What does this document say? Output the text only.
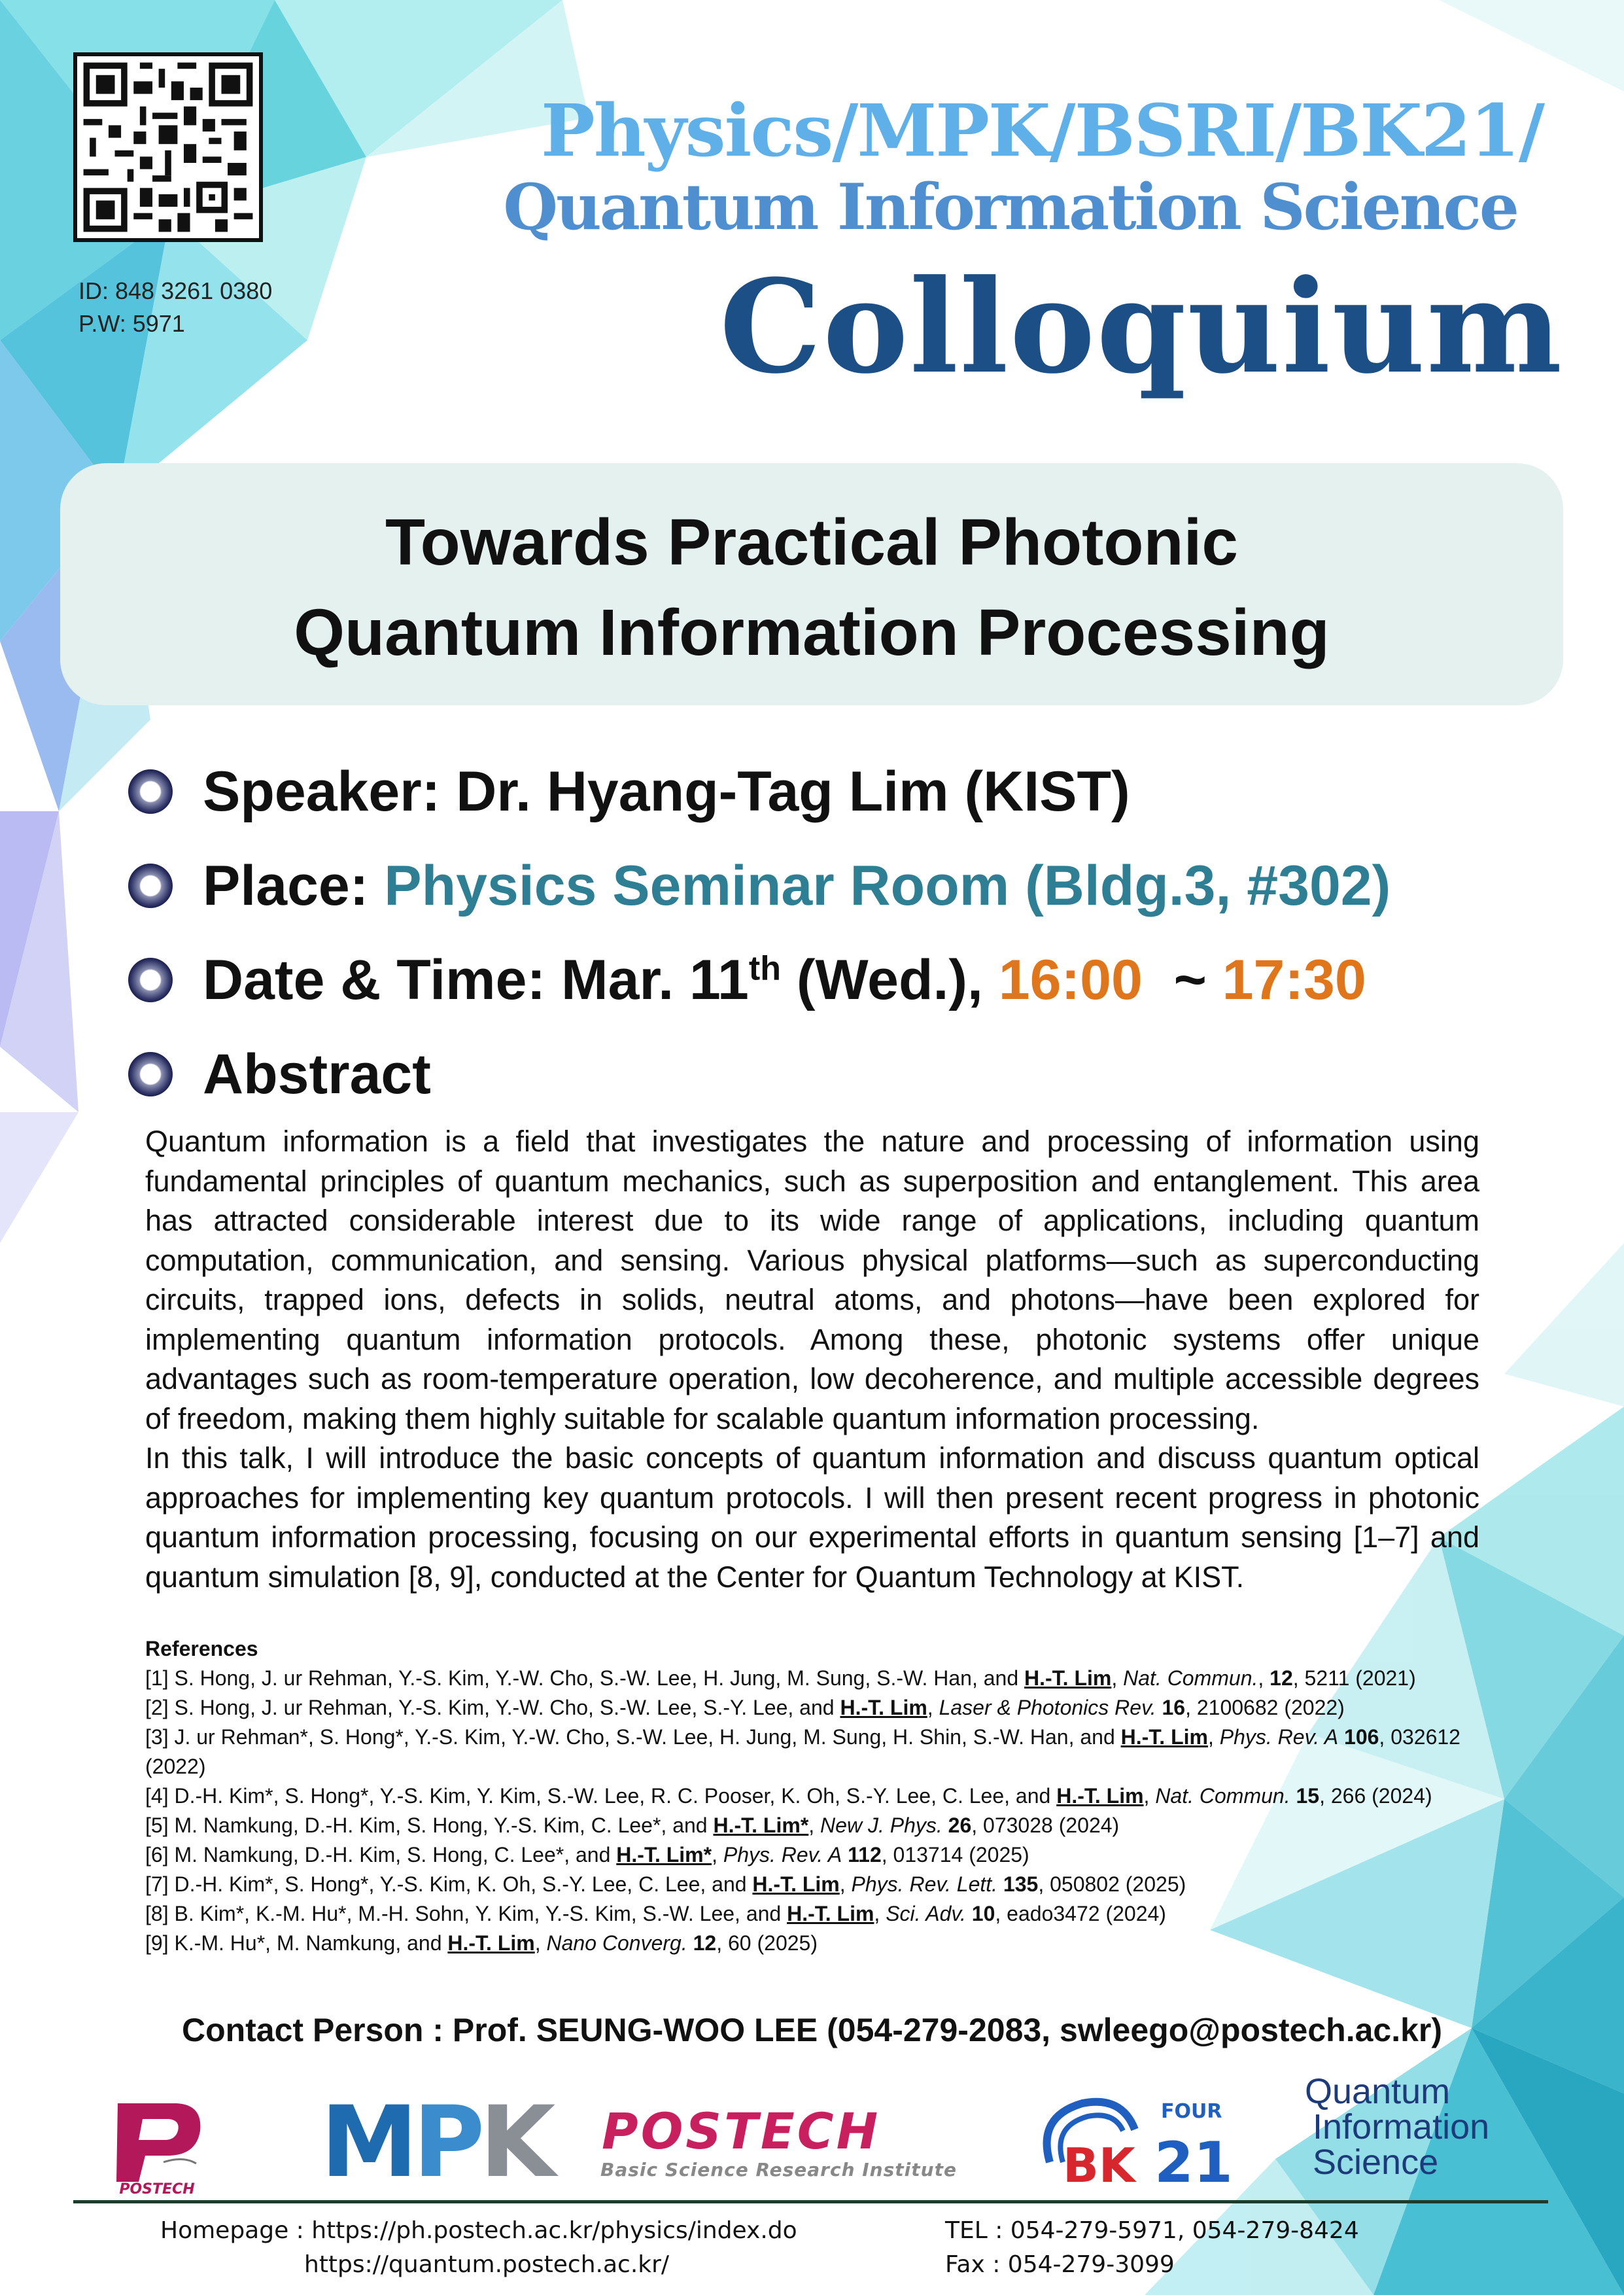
ID: 848 3261 0380
P.W: 5971
Physics/MPK/BSRI/BK21/
Quantum Information Science
Colloquium
Towards Practical Photonic
Quantum Information Processing
Speaker: Dr. Hyang-Tag Lim (KIST)
Place: Physics Seminar Room (Bldg.3, #302)
Date & Time: Mar. 11th (Wed.), 16:00  ~ 17:30
Abstract

Quantum information is a field that investigates the nature and processing of information using fundamental principles of quantum mechanics, such as superposition and entanglement. This area has attracted considerable interest due to its wide range of applications, including quantum computation, communication, and sensing. Various physical platforms—such as superconducting circuits, trapped ions, defects in solids, neutral atoms, and photons—have been explored for implementing quantum information protocols. Among these, photonic systems offer unique advantages such as room-temperature operation, low decoherence, and multiple accessible degrees of freedom, making them highly suitable for scalable quantum information processing.

In this talk, I will introduce the basic concepts of quantum information and discuss quantum optical approaches for implementing key quantum protocols. I will then present recent progress in photonic quantum information processing, focusing on our experimental efforts in quantum sensing [1–7] and quantum simulation [8, 9], conducted at the Center for Quantum Technology at KIST.

References
[1] S. Hong, J. ur Rehman, Y.-S. Kim, Y.-W. Cho, S.-W. Lee, H. Jung, M. Sung, S.-W. Han, and H.-T. Lim, Nat. Commun., 12, 5211 (2021)
[2] S. Hong, J. ur Rehman, Y.-S. Kim, Y.-W. Cho, S.-W. Lee, S.-Y. Lee, and H.-T. Lim, Laser & Photonics Rev. 16, 2100682 (2022)
[3] J. ur Rehman*, S. Hong*, Y.-S. Kim, Y.-W. Cho, S.-W. Lee, H. Jung, M. Sung, H. Shin, S.-W. Han, and H.-T. Lim, Phys. Rev. A 106, 032612 (2022)
[4] D.-H. Kim*, S. Hong*, Y.-S. Kim, Y. Kim, S.-W. Lee, R. C. Pooser, K. Oh, S.-Y. Lee, C. Lee, and H.-T. Lim, Nat. Commun. 15, 266 (2024)
[5] M. Namkung, D.-H. Kim, S. Hong, Y.-S. Kim, C. Lee*, and H.-T. Lim*, New J. Phys. 26, 073028 (2024)
[6] M. Namkung, D.-H. Kim, S. Hong, C. Lee*, and H.-T. Lim*, Phys. Rev. A 112, 013714 (2025)
[7] D.-H. Kim*, S. Hong*, Y.-S. Kim, K. Oh, S.-Y. Lee, C. Lee, and H.-T. Lim, Phys. Rev. Lett. 135, 050802 (2025)
[8] B. Kim*, K.-M. Hu*, M.-H. Sohn, Y. Kim, Y.-S. Kim, S.-W. Lee, and H.-T. Lim, Sci. Adv. 10, eado3472 (2024)
[9] K.-M. Hu*, M. Namkung, and H.-T. Lim, Nano Converg. 12, 60 (2025)
Contact Person : Prof. SEUNG-WOO LEE (054-279-2083, swleego@postech.ac.kr)
POSTECH MPK POSTECH
Basic Science Research Institute BK
FOUR
21
Quantum
Information
Science
Homepage : https://ph.postech.ac.kr/physics/index.do
https://quantum.postech.ac.kr/
TEL : 054-279-5971, 054-279-8424
Fax : 054-279-3099
